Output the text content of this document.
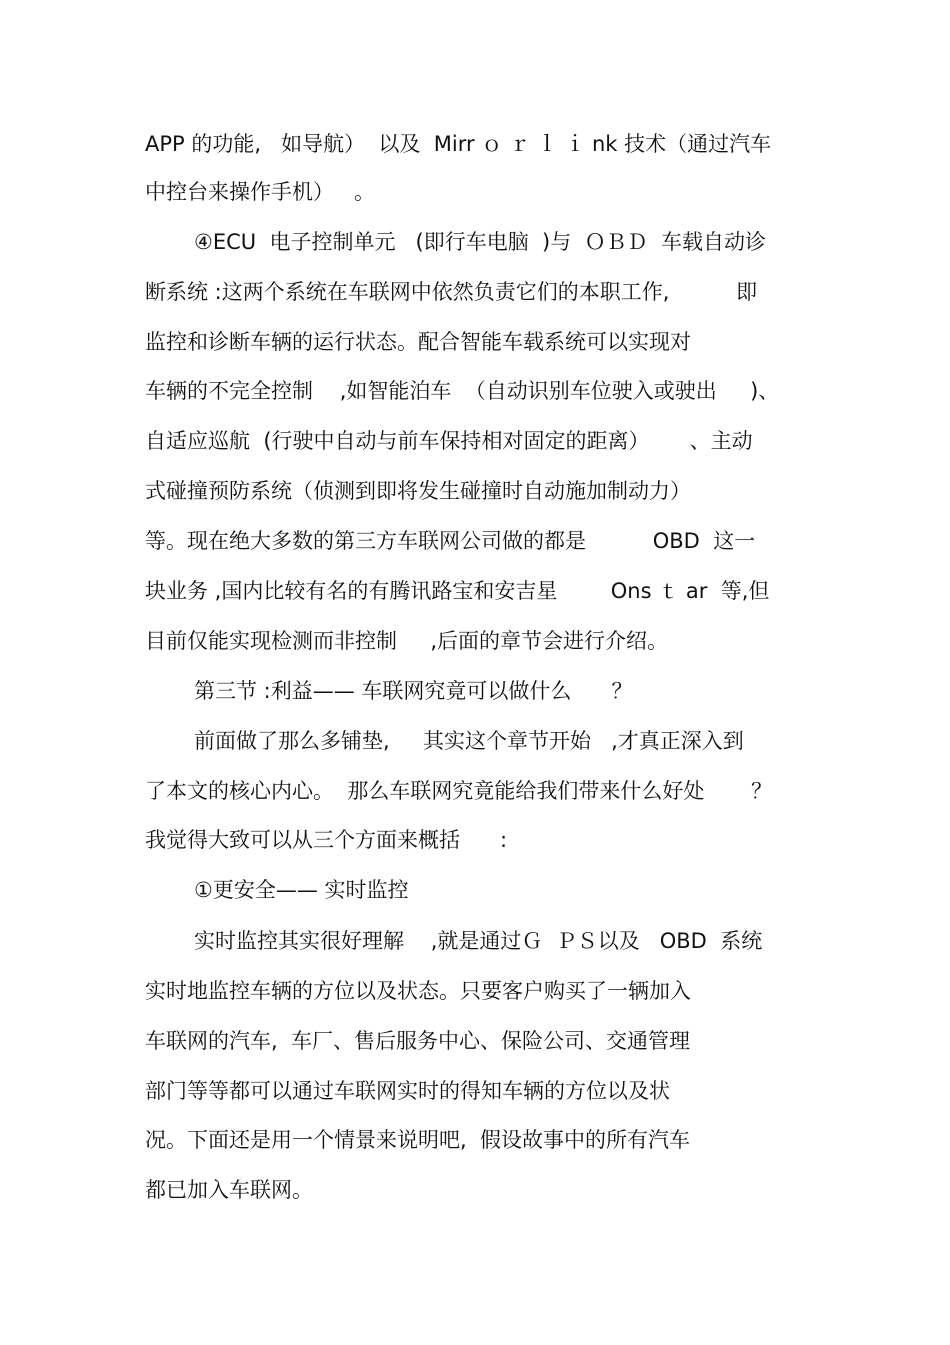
APP 的功能,   如导航）  以及  Mirr ｏ ｒ ｌ ｉ nk 技术（通过汽车
中控台来操作手机）   。
④ECU  电子控制单元   (即行车电脑  )与  ＯＢＤ  车载自动诊
断系统 :这两个系统在车联网中依然负责它们的本职工作,          即
监控和诊断车辆的运行状态。配合智能车载系统可以实现对
车辆的不完全控制    ,如智能泊车  （自动识别车位驶入或驶出     )、
自适应巡航  (行驶中自动与前车保持相对固定的距离）      、主动
式碰撞预防系统（侦测到即将发生碰撞时自动施加制动力）
等。现在绝大多数的第三方车联网公司做的都是          OBD  这一
块业务 ,国内比较有名的有腾讯路宝和安吉星        Ons ｔ ar  等,但
目前仅能实现检测而非控制     ,后面的章节会进行介绍。
第三节 :利益—— 车联网究竟可以做什么      ？
前面做了那么多铺垫,     其实这个章节开始   ,才真正深入到
了本文的核心内心。  那么车联网究竟能给我们带来什么好处       ？
我觉得大致可以从三个方面来概括      :
①更安全—— 实时监控
实时监控其实很好理解    ,就是通过Ｇ  ＰＳ以及   OBD  系统
实时地监控车辆的方位以及状态。只要客户购买了一辆加入
车联网的汽车,  车厂、售后服务中心、保险公司、交通管理
部门等等都可以通过车联网实时的得知车辆的方位以及状
况。下面还是用一个情景来说明吧,  假设故事中的所有汽车
都已加入车联网。
